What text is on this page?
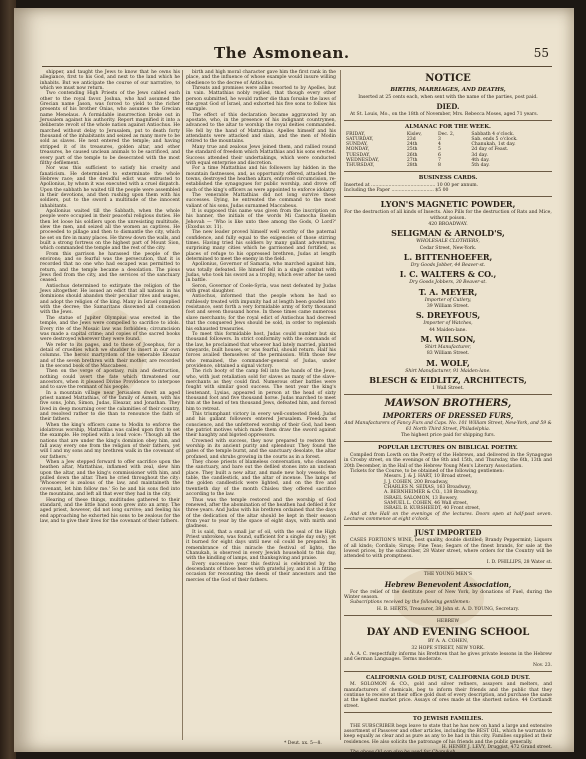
The Asmonean.	55

shipper, and taught the Jews to know that he owns his allegiance, first to his God, and next to the land which he inhabits. But we anticipate the course of our narrative, to which we must now return.

Two contending High Priests of the Jews cabled each other to the royal favor. Joshua, who had assumed the Grecian name Jason, was forced to yield to the richer presents of his brother Onias, who assumes the Grecian name Menelaus. A formidable insurrection broke out in Jerusalem against his authority. Report magnified it into a deliberate revolt of the whole nation against Antiochus. He marched without delay to Jerusalem, put to death forty thousand of the inhabitants and seized as many more to be sold as slaves. He next entered the temple; and having stripped it of its treasures, golden altar, and other treasures, he caused unclean animals to be sacrificed, and every part of the temple to be desecrated with the most filthy defilement.

Nor was this sufficient to satisfy his cruelty and fanaticism. He determined to exterminate the whole Hebrew race; and the dreadful edict was entrusted to Apollonius, by whom it was executed with a cruel dispatch. Upon the sabbath he waited till the people were assembled in their devotions, and then rushing upon them with his soldiers, put to the sword a multitude of the innocent inhabitants.

Apollonius waited till the Sabbath, when the whole people were occupied in their peaceful religious duties. He then let loose his soldiers upon the unresisting multitude, slew the men, and seized all the women as captives. He proceeded to pillage and then to dismantle the city, which he set on fire in many places. He threw down the walls, and built a strong fortress on the highest part of Mount Sion, which commanded the temple and the rest of the city.

From this garrison he harassed the people of the environs; and so fearful was the persecution, that it is recorded that no one who had escaped was permitted to return, and the temple became a desolation. The pious Jews fled from the city, and the services of the sanctuary ceased.

Antiochus determined to extirpate the religion of the Jews altogether. He issued an edict that all nations in his dominions should abandon their peculiar rites and usages, and adopt the religion of the king. Many in Israel complied with the decree; the Samaritans disowned all connexion with the Jews.

The statue of Jupiter Olympius was erected in the temple, and the Jews were compelled to sacrifice to idols. Every rite of the Mosaic law was forbidden; circumcision was made a capital crime; and copies of the sacred books were destroyed wherever they were found.

We refer to its pages, and to those of Josephus, for a detail of cruelties which we shudder to insert in our own columns. The heroic martyrdom of the venerable Eleazar and of the seven brethren with their mother, are recorded in the second book of the Maccabees.

Then on the verge of apostasy, ruin and destruction, nothing could avert the fate which threatened our ancestors, when it pleased Divine Providence to interpose and to save the remnant of his people.

In a mountain village near Jerusalem dwelt an aged priest named Mattathias, of the family of Asmon, with his five sons, John, Simon, Judas, Eleazar, and Jonathan. They lived in deep mourning over the calamities of their country, and resolved rather to die than to renounce the faith of their fathers.

When the king's officers came to Modin to enforce the idolatrous worship, Mattathias was called upon first to set the example. He replied with a loud voice: 'Though all the nations that are under the king's dominion obey him, and fall away every one from the religion of their fathers, yet will I and my sons and my brethren walk in the covenant of our fathers.'

When a Jew stepped forward to offer sacrifice upon the heathen altar, Mattathias, inflamed with zeal, slew him upon the altar, and the king's commissioner with him, and pulled down the altar. Then he cried throughout the city: 'Whosoever is zealous of the law, and maintaineth the covenant, let him follow me.' So he and his sons fled into the mountains, and left all that ever they had in the city.

Hearing of these things, multitudes gathered to their standard, and the little band soon grew into an army. The aged priest, however, did not long survive; and feeling his end approaching he exhorted his sons to be zealous for the law, and to give their lives for the covenant of their fathers.

birth and high moral character gave him the first rank in the place, and the influence of whose example would insure willing obedience to the decree of Antiochus.

Threats and promises were alike resorted to by Apelles, but in vain. Mattathias nobly replied, that though every other person submitted, he would rather die than forsake the laws of the great God of Israel, and exhorted his five sons to follow his example.

The effect of this declaration became aggravated by an apostate, who, in the presence of his indignant countrymen, advanced to the altar to worship the royal deities commanded. He fell by the hand of Mattathias. Apelles himself and his attendants were attacked and slain, and the men of Modin retired to the mountains.

Many true and zealous Jews joined them, and rallied round the standard of freedom which Mattathias and his sons erected. Success attended their undertakings, which were conducted with equal enterprise and discretion.

For a time Mattathias and his followers lay hidden in the mountain fastnesses, and, as opportunity offered, attacked the towns, destroyed the heathen altars, enforced circumcision, re-established the synagogues for public worship, and drove off such of the king's officers as were appointed to enforce idolatry.

The venerable Mattathias did not long survive these successes. Dying, he entreated the command to the most valiant of his sons, Judas surnamed Maccabeus.

It is supposed this name was given from the inscription on his banner, the initials of the words Mi Camocha Baelim Jehovah — 'Who is like unto thee among the Gods, O Lord?' (Exodus xv. 11).

The new leader proved himself well worthy of the paternal confidence, and fully equal to the exigencies of those stirring times. Having tried his soldiers by many gallant adventures, surprising many cities which he garrisoned and fortified, as places of refuge to his oppressed brethren, Judas at length determined to meet the enemy in the field.

Apollonius, Governor of Samaria, who marched against him, was totally defeated. He himself fell in a single combat with Judas, who took his sword as a trophy, which ever after he used in battle.

Seron, Governor of Coele-Syria, was next defeated by Judas with great slaughter.

Antiochus, informed that the people whom he had so ruthlessly treated with impunity had at length been goaded into resistance, sent forth a very formidable army of forty thousand foot and seven thousand horse. In these times came numerous slave merchants; for the royal edict of Antiochus had decreed that the conquered Jews should be sold, in order to replenish his exhausted treasuries.

To meet this formidable host, Judas could number but six thousand followers. In strict conformity with the commands of the law, he proclaimed that whoever had lately married, planted vineyards, built houses, or was fearful, should return. Half his forces availed themselves of the permission. With those few who remained, the commander-general of Judas, under providence, obtained a signal victory.

The rich booty of the camp fell into the hands of the Jews, who, with just retaliation sold for slaves as many of the slave-merchants as they could find. Numerous other battles were fought with similar good success. The next year the king's lieutenant, Lysias, appeared in person at the head of sixty thousand foot and five thousand horse. Judas marched to meet him at the head of ten thousand Jews, defeated him, and forced him to retreat.

This triumphant victory in every well-contested field, Judas and his gallant followers entered Jerusalem. Freedom of conscience, and the unfettered worship of their God, had been the patriot motives which made them draw the sword against their haughty and bigoted oppressors.

Crowned with success, they now prepared to restore that worship in its ancient purity and splendour. They found the gates of the temple burnt, and the sanctuary desolate, the altar profaned, and shrubs growing in the courts as in a forest.

They chose priests of blameless conversation, who cleansed the sanctuary, and bare out the defiled stones into an unclean place. They built a new altar, and made new holy vessels; the table, the candlestick, and the altar of incense. The lamps of the golden candlestick were lighted, and on the five and twentieth day of the month Chisleu they offered sacrifice according to the law.

Thus was the temple restored and the worship of God renewed, after the abomination of the heathen had defiled it for three years. And Judas with his brethren ordained that the days of the dedication of the altar should be kept in their season from year to year by the space of eight days, with mirth and gladness.

It is said, that a small jar of oil, with the seal of the High Priest unbroken, was found, sufficient for a single day only; yet it burned for eight days until new oil could be prepared. In remembrance of this miracle the festival of lights, the Chanukah, is observed in every Jewish household to this day, with the kindling of lamps, and thanksgiving and praise.

Every successive year this festival is celebrated by the descendants of those heroes with grateful joy, and it is a fitting occasion for recounting the deeds of their ancestors and the mercies of the God of their fathers.

NOTICE
BIRTHS, MARRIAGES, AND DEATHS,
Inserted at 25 cents each, when sent with the name of the parties, post paid.
DIED.

At St. Louis, Mo., on the 18th of November, Mrs. Rebecca Moses, aged 71 years.

ALMANAC FOR THE WEEK.
FRIDAY,	Kislev,	Dec. 2,	Sabbath 4 o'clock.
SATURDAY,	23d	3	Sab. ends 5 o'clock.
SUNDAY,	24th	4	Chanukah, 1st day.
MONDAY,	25th	5	2d day of Feast.
TUESDAY,	26th	6	3d day.
WEDNESDAY,	27th	7	4th day.
THURSDAY,	28th	8	5th day.
BUSINESS CARDS.
Inserted at ............................................ 10 00 per annum.
Including the Paper ............................. $5 00
LYON'S MAGNETIC POWDER,
For the destruction of all kinds of Insects. Also Pills for the destruction of Rats and Mice, without poison.
420 BROADWAY.
SELIGMAN & ARNOLD'S,
WHOLESALE CLOTHIERS,
Cedar Street, New-York.
L. BITTENHOEFER,
Dry Goods Jobber, 44 Beaver-st.
I. C. WALTERS & CO.,
Dry Goods Jobbers, 30 Beaver-st.
T. A. MEYER,
Importer of Cutlery,
39 William Street.
S. DREYFOUS,
Importer of Watches,
44 Maiden-lane.
M. WILSON,
Shirt Manufacturer,
83 William Street.
M. WOLF,
Shirt Manufacturer, 91 Maiden-lane.
BLESCH & EIDLITZ, ARCHITECTS,
1 Wall Street.
MAWSON BROTHERS,
IMPORTERS OF DRESSED FURS,
And Manufacturers of Fancy Furs and Caps. No. 101 William Street, New-York, and 59 & 61 North Third Street, Philadelphia.
The highest price paid for shipping furs.
POPULAR LECTURES ON BIBLICAL POETRY.

Compiled from Lowth on the Poetry of the Hebrews, and delivered in the Synagogue in Crosby street, on the evenings of the 8th and 15th, and Thursday, the 6th, 13th and 20th December, in the Hall of the Hebrew Young Men's Literary Association.

Tickets for the Course, to be obtained of the following gentlemen:

Messrs. J. & J. HART, 10 Broad street,
J. J. COHEN, 200 Broadway,
CHARLES N. SEIXAS, 163 Broadway,
A. BERNHEIMER & CO., 138 Broadway,
ISRAEL SALOMON, 13 Bowery,
SAMUEL L. COHEN, 46 Wall street,
ISRAEL B. KURSHEEDT, 40 Front street,

And at the Hall on the evenings of the lectures. Doors open at half-past seven. Lectures commence at eight o'clock.

JUST IMPORTED

CASES FORTION'S WINE, best quality, double distilled; Brandy Peppermint; Liquors of all kinds; Cordials; Sirups; Fine Teas; Segars of the finest brands, for sale at the lowest prices, by the subscriber, 28 Water street, where orders for the Country will be attended to with promptness.

I. D. PHILLIPS, 28 Water st.
THE YOUNG MEN'S
Hebrew Benevolent Association,

For the relief of the destitute poor of New York, by donations of Fuel, during the Winter season.

Subscriptions received by the following gentlemen:

H. B. HERTS, Treasurer, 38 John st. A. D. YOUNG, Secretary.
HEBREW
DAY AND EVENING SCHOOL
BY A. A. COHEN,
32 HOPE STREET, NEW YORK.

A. A. C. respectfully informs his Brethren that he gives private lessons in the Hebrew and German Languages. Terms moderate.

Nov. 23.
CALIFORNIA GOLD DUST, CALIFORNIA GOLD DUST.

M. SOLOMON & CO., gold and silver refiners, assayers and melters, and manufacturers of chemicals, beg to inform their friends and the public that they continue to receive at their office gold dust of every description, and purchase the same at the highest market price. Assays of ores made at the shortest notice. 44 Cortlandt street.

TO JEWISH FAMILIES.

THE SUBSCRIBER begs leave to state that he has now on hand a large and extensive assortment of Passover and other articles, including the BEST OIL, which he warrants to keep equally as clear and as pure as any to be had in this city. Families supplied at their residences. He also solicits the patronage of his friends and the public generally.

H. HENRY J. LEVY, Druggist, 472 Grand street.

The above Oil can also be used for Chanukah.

* Deut. xx. 5—8.
